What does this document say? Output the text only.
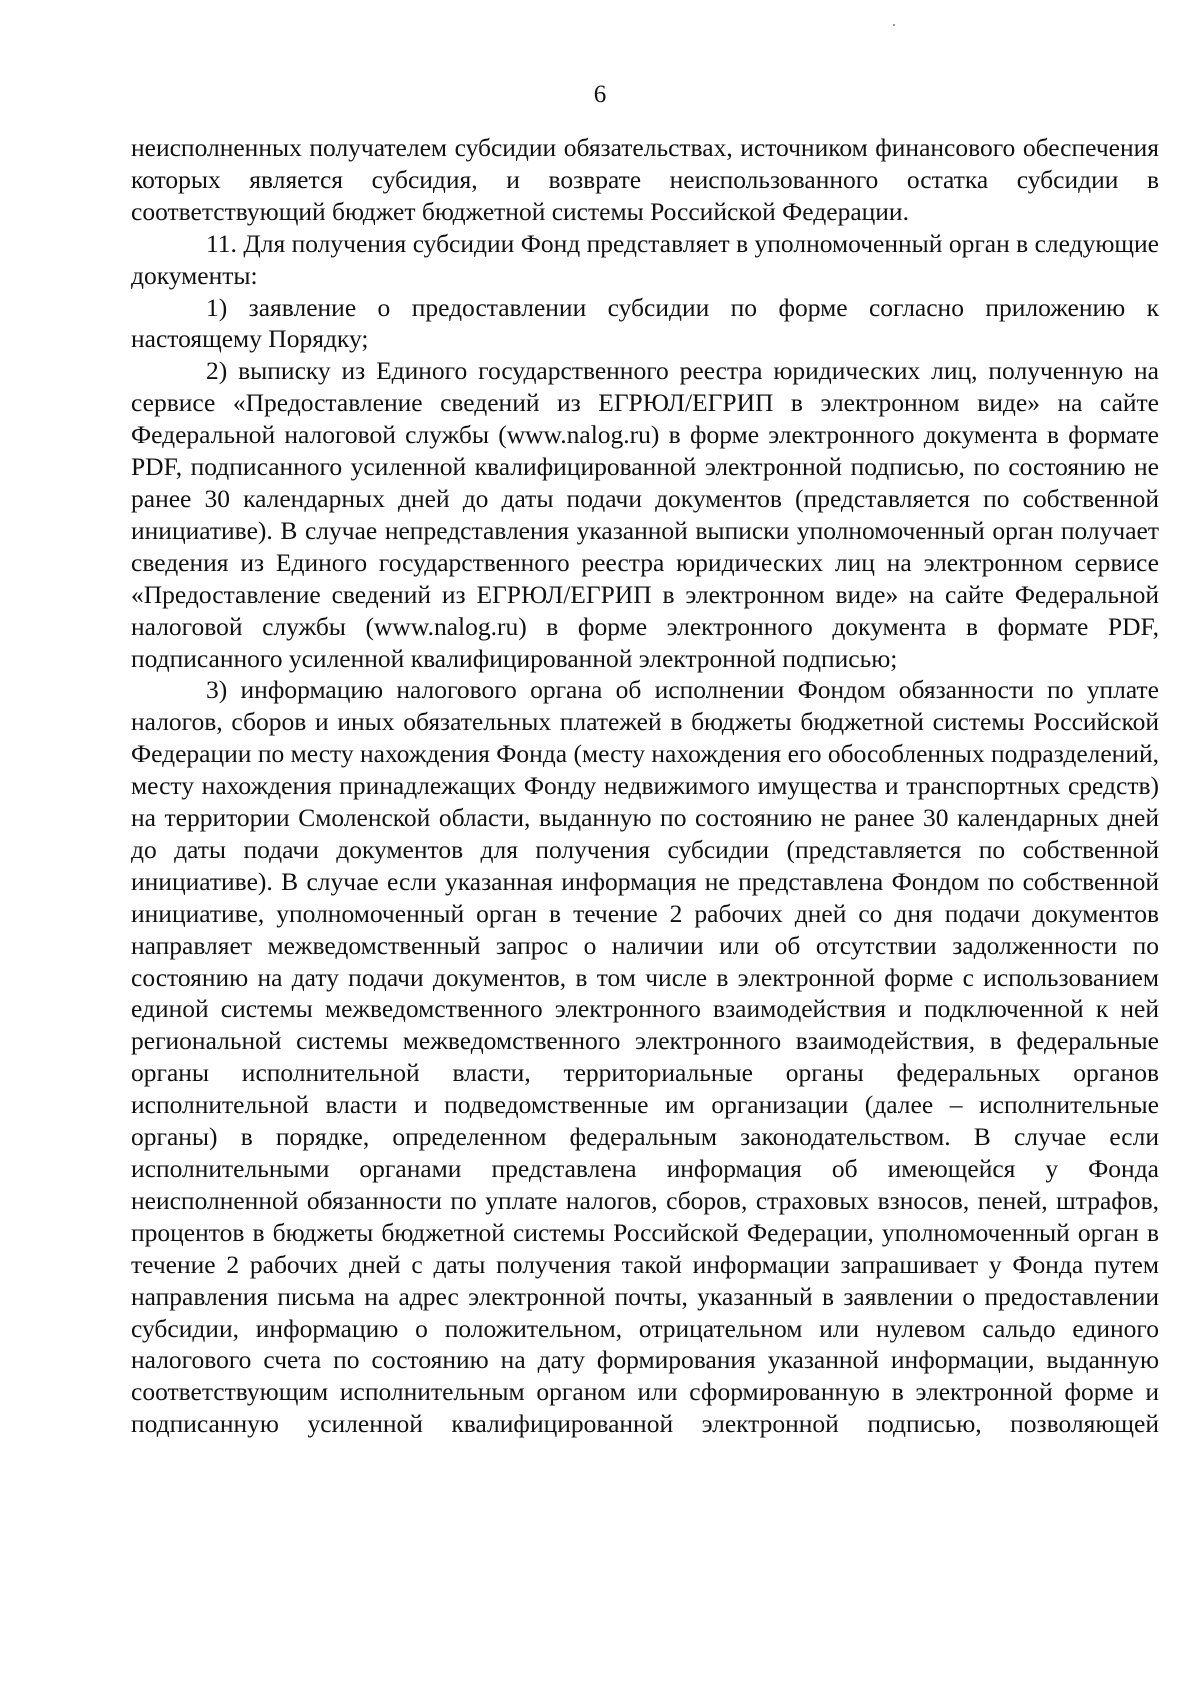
6

неисполненных получателем субсидии обязательствах, источником финансового обеспечения которых является субсидия, и возврате неиспользованного остатка субсидии в соответствующий бюджет бюджетной системы Российской Федерации.

11. Для получения субсидии Фонд представляет в уполномоченный орган в следующие документы:

1) заявление о предоставлении субсидии по форме согласно приложению к настоящему Порядку;

2) выписку из Единого государственного реестра юридических лиц, полученную на сервисе «Предоставление сведений из ЕГРЮЛ/ЕГРИП в электронном виде» на сайте Федеральной налоговой службы (www.nalog.ru) в форме электронного документа в формате PDF, подписанного усиленной квалифицированной электронной подписью, по состоянию не ранее 30 календарных дней до даты подачи документов (представляется по собственной инициативе). В случае непредставления указанной выписки уполномоченный орган получает сведения из Единого государственного реестра юридических лиц на электронном сервисе «Предоставление сведений из ЕГРЮЛ/ЕГРИП в электронном виде» на сайте Федеральной налоговой службы (www.nalog.ru) в форме электронного документа в формате PDF, подписанного усиленной квалифицированной электронной подписью;

3) информацию налогового органа об исполнении Фондом обязанности по уплате налогов, сборов и иных обязательных платежей в бюджеты бюджетной системы Российской Федерации по месту нахождения Фонда (месту нахождения его обособленных подразделений, месту нахождения принадлежащих Фонду недвижимого имущества и транспортных средств) на территории Смоленской области, выданную по состоянию не ранее 30 календарных дней до даты подачи документов для получения субсидии (представляется по собственной инициативе). В случае если указанная информация не представлена Фондом по собственной инициативе, уполномоченный орган в течение 2 рабочих дней со дня подачи документов направляет межведомственный запрос о наличии или об отсутствии задолженности по состоянию на дату подачи документов, в том числе в электронной форме с использованием единой системы межведомственного электронного взаимодействия и подключенной к ней региональной системы межведомственного электронного взаимодействия, в федеральные органы исполнительной власти, территориальные органы федеральных органов исполнительной власти и подведомственные им организации (далее – исполнительные органы) в порядке, определенном федеральным законодательством. В случае если исполнительными органами представлена информация об имеющейся у Фонда неисполненной обязанности по уплате налогов, сборов, страховых взносов, пеней, штрафов, процентов в бюджеты бюджетной системы Российской Федерации, уполномоченный орган в течение 2 рабочих дней с даты получения такой информации запрашивает у Фонда путем направления письма на адрес электронной почты, указанный в заявлении о предоставлении субсидии, информацию о положительном, отрицательном или нулевом сальдо единого налогового счета по состоянию на дату формирования указанной информации, выданную соответствующим исполнительным органом или сформированную в электронной форме и подписанную усиленной квалифицированной электронной подписью, позволяющей
